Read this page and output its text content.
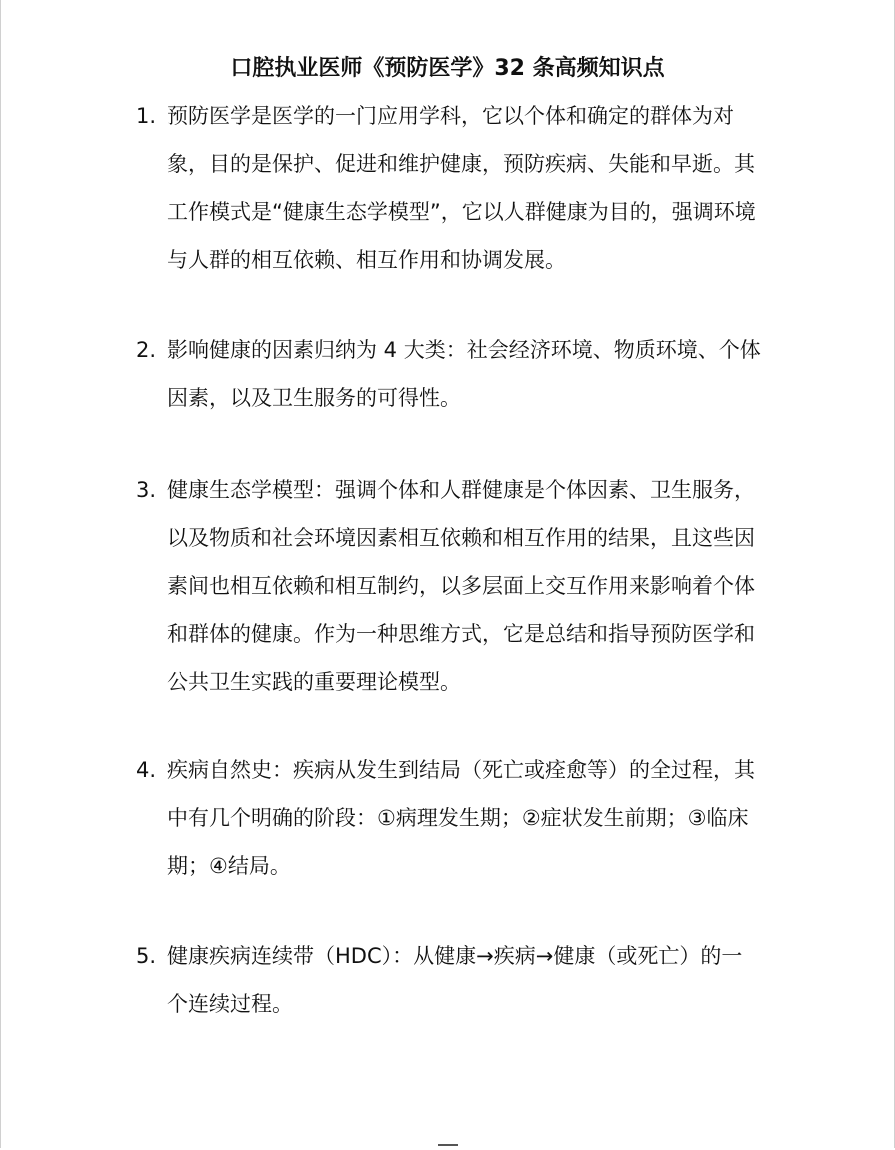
口腔执业医师《预防医学》32 条高频知识点
1. 预防医学是医学的一门应用学科，它以个体和确定的群体为对象，目的是保护、促进和维护健康，预防疾病、失能和早逝。其工作模式是“健康生态学模型”，它以人群健康为目的，强调环境与人群的相互依赖、相互作用和协调发展。

2. 影响健康的因素归纳为 4 大类：社会经济环境、物质环境、个体因素，以及卫生服务的可得性。

3. 健康生态学模型：强调个体和人群健康是个体因素、卫生服务，以及物质和社会环境因素相互依赖和相互作用的结果，且这些因素间也相互依赖和相互制约，以多层面上交互作用来影响着个体和群体的健康。作为一种思维方式，它是总结和指导预防医学和公共卫生实践的重要理论模型。

4. 疾病自然史：疾病从发生到结局（死亡或痊愈等）的全过程，其中有几个明确的阶段：①病理发生期；②症状发生前期；③临床期；④结局。

5. 健康疾病连续带（HDC）：从健康→疾病→健康（或死亡）的一个连续过程。
